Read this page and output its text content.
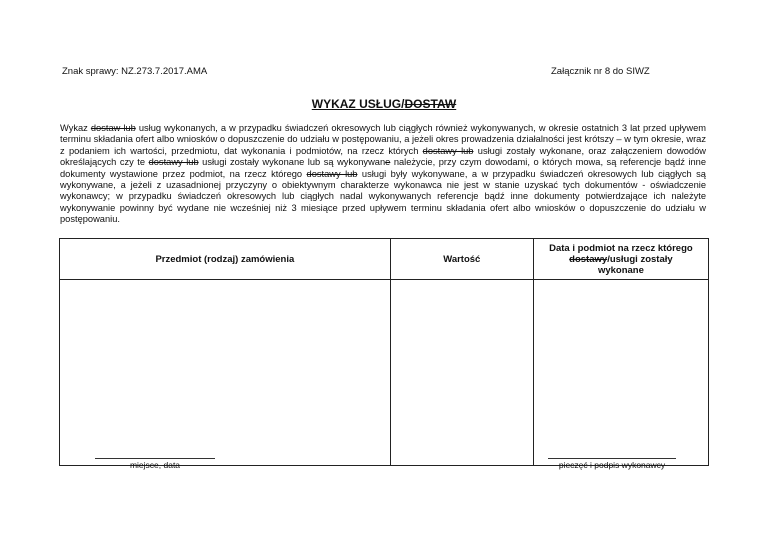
Znak sprawy: NZ.273.7.2017.AMA	Załącznik nr 8 do SIWZ
WYKAZ USŁUG/DOSTAW
Wykaz dostaw lub usług wykonanych, a w przypadku świadczeń okresowych lub ciągłych również wykonywanych, w okresie ostatnich 3 lat przed upływem terminu składania ofert albo wniosków o dopuszczenie do udziału w postępowaniu, a jeżeli okres prowadzenia działalności jest krótszy – w tym okresie, wraz z podaniem ich wartości, przedmiotu, dat wykonania i podmiotów, na rzecz których dostawy lub usługi zostały wykonane, oraz załączeniem dowodów określających czy te dostawy lub usługi zostały wykonane lub są wykonywane należycie, przy czym dowodami, o których mowa, są referencje bądź inne dokumenty wystawione przez podmiot, na rzecz którego dostawy lub usługi były wykonywane, a w przypadku świadczeń okresowych lub ciągłych są wykonywane, a jeżeli z uzasadnionej przyczyny o obiektywnym charakterze wykonawca nie jest w stanie uzyskać tych dokumentów - oświadczenie wykonawcy; w przypadku świadczeń okresowych lub ciągłych nadal wykonywanych referencje bądź inne dokumenty potwierdzające ich należyte wykonywanie powinny być wydane nie wcześniej niż 3 miesiące przed upływem terminu składania ofert albo wniosków o dopuszczenie do udziału w postępowaniu.
Przedmiot (rodzaj) zamówienia	Wartość	Data i podmiot na rzecz którego
dostawy/usługi zostały
wykonane

miejsce, data	pieczęć i podpis wykonawcy
